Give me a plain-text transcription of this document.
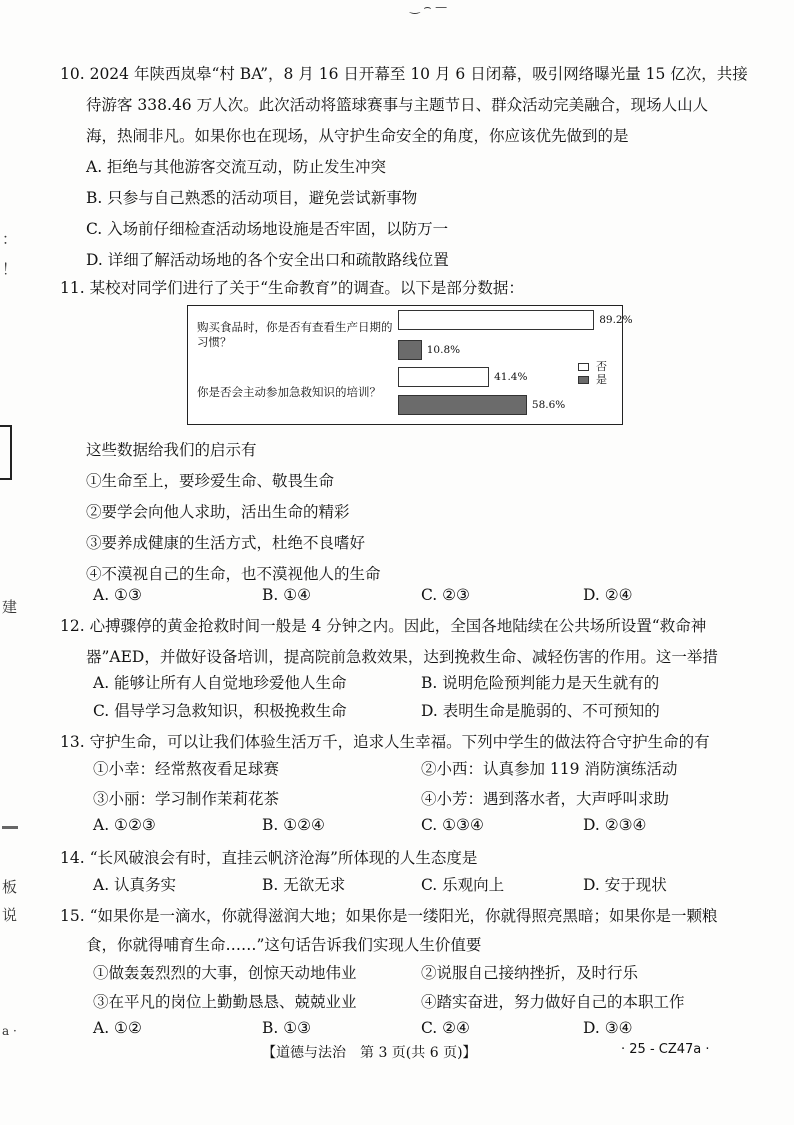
‿ ⌢ —
：
！
建
板
说
a ·
10. 2024 年陕西岚皋“村 BA”，8 月 16 日开幕至 10 月 6 日闭幕，吸引网络曝光量 15 亿次，共接
待游客 338.46 万人次。此次活动将篮球赛事与主题节日、群众活动完美融合，现场人山人
海，热闹非凡。如果你也在现场，从守护生命安全的角度，你应该优先做到的是
A. 拒绝与其他游客交流互动，防止发生冲突
B. 只参与自己熟悉的活动项目，避免尝试新事物
C. 入场前仔细检查活动场地设施是否牢固，以防万一
D. 详细了解活动场地的各个安全出口和疏散路线位置
11. 某校对同学们进行了关于“生命教育”的调查。以下是部分数据：
购买食品时，你是否有查看生产日期的习惯？
你是否会主动参加急救知识的培训？
89.2%
10.8%
41.4%
58.6%
否
是
这些数据给我们的启示有
①生命至上，要珍爱生命、敬畏生命
②要学会向他人求助，活出生命的精彩
③要养成健康的生活方式，杜绝不良嗜好
④不漠视自己的生命，也不漠视他人的生命
A. ①③	B. ①④	C. ②③	D. ②④
12. 心搏骤停的黄金抢救时间一般是 4 分钟之内。因此，全国各地陆续在公共场所设置“救命神
器”AED，并做好设备培训，提高院前急救效果，达到挽救生命、减轻伤害的作用。这一举措
A. 能够让所有人自觉地珍爱他人生命	B. 说明危险预判能力是天生就有的
C. 倡导学习急救知识，积极挽救生命	D. 表明生命是脆弱的、不可预知的
13. 守护生命，可以让我们体验生活万千，追求人生幸福。下列中学生的做法符合守护生命的有
①小幸：经常熬夜看足球赛	②小西：认真参加 119 消防演练活动
③小丽：学习制作茉莉花茶	④小芳：遇到落水者，大声呼叫求助
A. ①②③	B. ①②④	C. ①③④	D. ②③④
14. “长风破浪会有时，直挂云帆济沧海”所体现的人生态度是
A. 认真务实	B. 无欲无求	C. 乐观向上	D. 安于现状
15. “如果你是一滴水，你就得滋润大地；如果你是一缕阳光，你就得照亮黑暗；如果你是一颗粮
食，你就得哺育生命……”这句话告诉我们实现人生价值要
①做轰轰烈烈的大事，创惊天动地伟业	②说服自己接纳挫折，及时行乐
③在平凡的岗位上勤勤恳恳、兢兢业业	④踏实奋进，努力做好自己的本职工作
A. ①②	B. ①③	C. ②④	D. ③④
【道德与法治　第 3 页(共 6 页)】	· 25 - CZ47a ·
